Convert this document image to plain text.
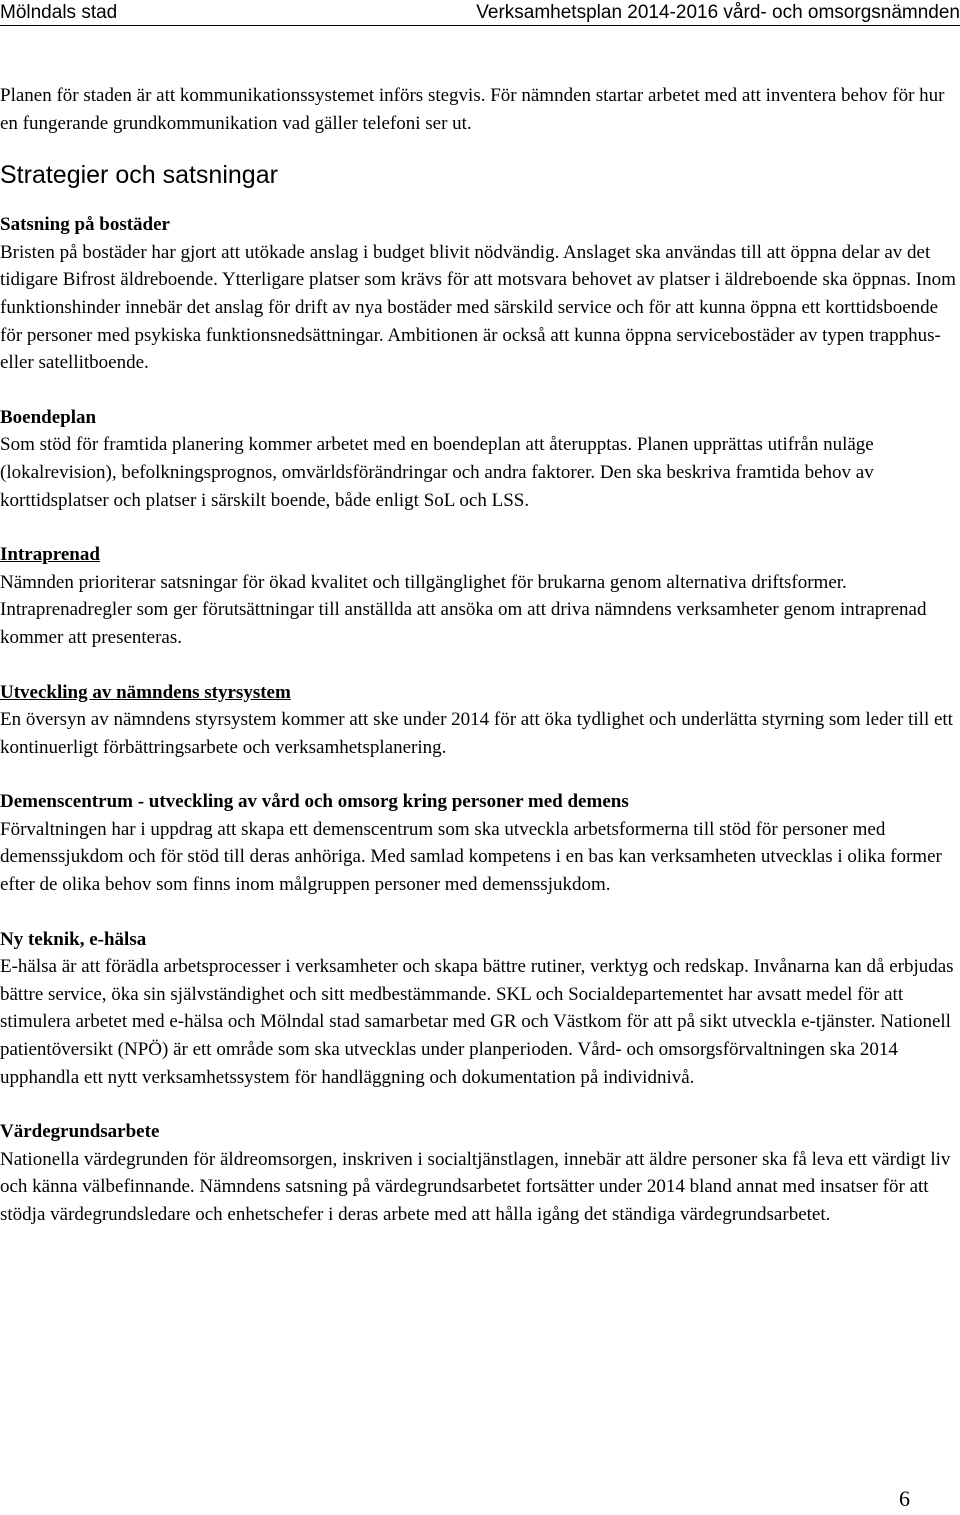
Mölndals stad	Verksamhetsplan 2014-2016 vård- och omsorgsnämnden

Planen för staden är att kommunikationssystemet införs stegvis. För nämnden startar arbetet med att inventera behov för hur en fungerande grundkommunikation vad gäller telefoni ser ut.

Strategier och satsningar
Satsning på bostäder

Bristen på bostäder har gjort att utökade anslag i budget blivit nödvändig. Anslaget ska användas till att öppna delar av det tidigare Bifrost äldreboende. Ytterligare platser som krävs för att motsvara behovet av platser i äldreboende ska öppnas. Inom funktionshinder innebär det anslag för drift av nya bostäder med särskild service och för att kunna öppna ett korttidsboende för personer med psykiska funktionsnedsättningar. Ambitionen är också att kunna öppna servicebostäder av typen trapphus- eller satellitboende.

Boendeplan

Som stöd för framtida planering kommer arbetet med en boendeplan att återupptas. Planen upprättas utifrån nuläge (lokalrevision), befolkningsprognos, omvärldsförändringar och andra faktorer. Den ska beskriva framtida behov av korttidsplatser och platser i särskilt boende, både enligt SoL och LSS.

Intraprenad

Nämnden prioriterar satsningar för ökad kvalitet och tillgänglighet för brukarna genom alternativa driftsformer. Intraprenadregler som ger förutsättningar till anställda att ansöka om att driva nämndens verksamheter genom intraprenad kommer att presenteras.

Utveckling av nämndens styrsystem

En översyn av nämndens styrsystem kommer att ske under 2014 för att öka tydlighet och underlätta styrning som leder till ett kontinuerligt förbättringsarbete och verksamhetsplanering.

Demenscentrum - utveckling av vård och omsorg kring personer med demens

Förvaltningen har i uppdrag att skapa ett demenscentrum som ska utveckla arbetsformerna till stöd för personer med demenssjukdom och för stöd till deras anhöriga. Med samlad kompetens i en bas kan verksamheten utvecklas i olika former efter de olika behov som finns inom målgruppen personer med demenssjukdom.

Ny teknik, e-hälsa

E-hälsa är att förädla arbetsprocesser i verksamheter och skapa bättre rutiner, verktyg och redskap. Invånarna kan då erbjudas bättre service, öka sin självständighet och sitt medbestämmande. SKL och Socialdepartementet har avsatt medel för att stimulera arbetet med e-hälsa och Mölndal stad samarbetar med GR och Västkom för att på sikt utveckla e-tjänster. Nationell patientöversikt (NPÖ) är ett område som ska utvecklas under planperioden. Vård- och omsorgsförvaltningen ska 2014 upphandla ett nytt verksamhetssystem för handläggning och dokumentation på individnivå.

Värdegrundsarbete

Nationella värdegrunden för äldreomsorgen, inskriven i socialtjänstlagen, innebär att äldre personer ska få leva ett värdigt liv och känna välbefinnande. Nämndens satsning på värdegrundsarbetet fortsätter under 2014 bland annat med insatser för att stödja värdegrundsledare och enhetschefer i deras arbete med att hålla igång det ständiga värdegrundsarbetet.

6
